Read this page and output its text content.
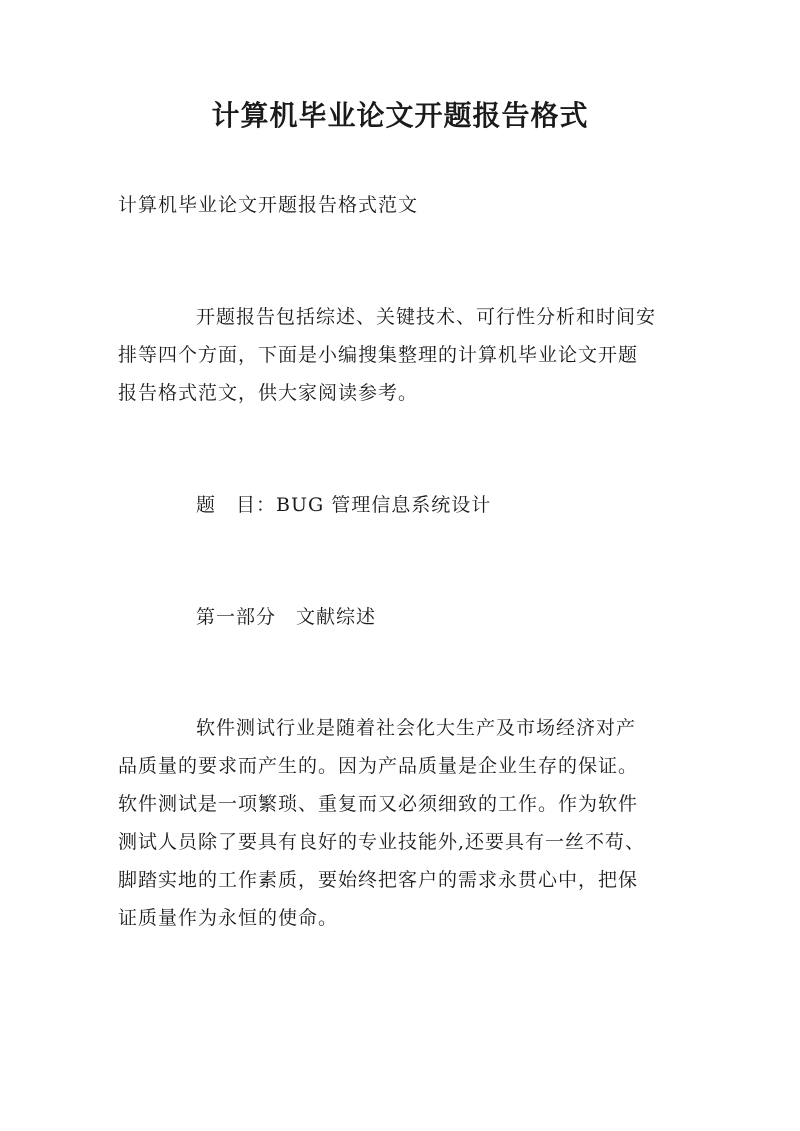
计算机毕业论文开题报告格式
计算机毕业论文开题报告格式范文
开题报告包括综述、关键技术、可行性分析和时间安
排等四个方面，下面是小编搜集整理的计算机毕业论文开题
报告格式范文，供大家阅读参考。
题　目：BUG 管理信息系统设计
第一部分　文献综述
软件测试行业是随着社会化大生产及市场经济对产
品质量的要求而产生的。因为产品质量是企业生存的保证。
软件测试是一项繁琐、重复而又必须细致的工作。作为软件
测试人员除了要具有良好的专业技能外,还要具有一丝不苟、
脚踏实地的工作素质，要始终把客户的需求永贯心中，把保
证质量作为永恒的使命。
